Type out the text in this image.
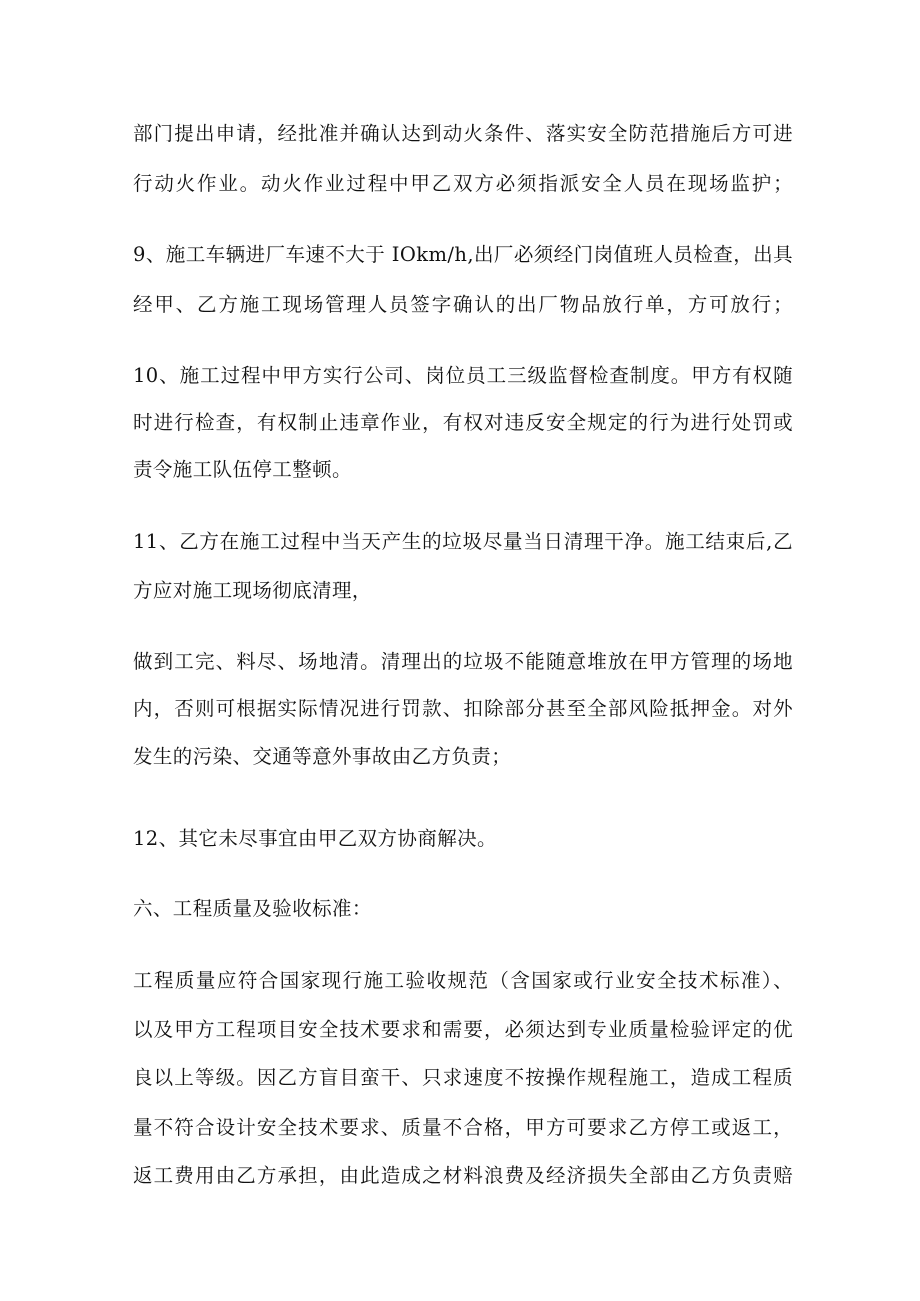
部门提出申请，经批准并确认达到动火条件、落实安全防范措施后方可进
行动火作业。动火作业过程中甲乙双方必须指派安全人员在现场监护；
9、施工车辆进厂车速不大于 IOkm∕h,出厂必须经门岗值班人员检查，出具
经甲、乙方施工现场管理人员签字确认的出厂物品放行单，方可放行；
10、施工过程中甲方实行公司、岗位员工三级监督检查制度。甲方有权随
时进行检查，有权制止违章作业，有权对违反安全规定的行为进行处罚或
责令施工队伍停工整顿。
11、乙方在施工过程中当天产生的垃圾尽量当日清理干净。施工结束后,乙
方应对施工现场彻底清理，
做到工完、料尽、场地清。清理出的垃圾不能随意堆放在甲方管理的场地
内，否则可根据实际情况进行罚款、扣除部分甚至全部风险抵押金。对外
发生的污染、交通等意外事故由乙方负责；
12、其它未尽事宜由甲乙双方协商解决。
六、工程质量及验收标准：
工程质量应符合国家现行施工验收规范（含国家或行业安全技术标准）、
以及甲方工程项目安全技术要求和需要，必须达到专业质量检验评定的优
良以上等级。因乙方盲目蛮干、只求速度不按操作规程施工，造成工程质
量不符合设计安全技术要求、质量不合格，甲方可要求乙方停工或返工，
返工费用由乙方承担，由此造成之材料浪费及经济损失全部由乙方负责赔
